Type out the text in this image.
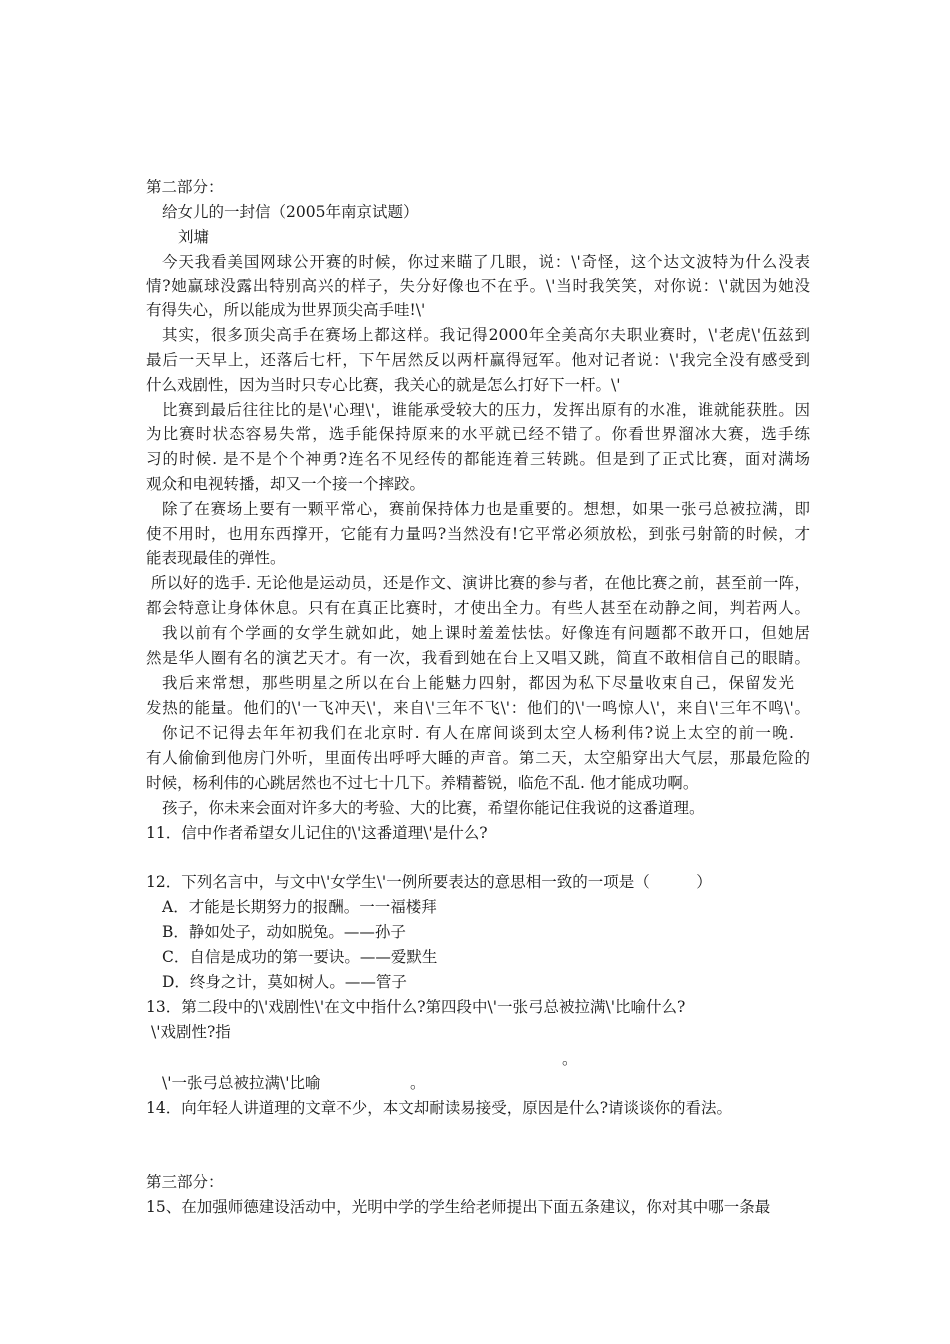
第二部分：
给女儿的一封信（2005年南京试题）
刘墉
今天我看美国网球公开赛的时候，你过来瞄了几眼，说：\'奇怪，这个达文波特为什么没表
情?她赢球没露出特别高兴的样子，失分好像也不在乎。\'当时我笑笑，对你说：\'就因为她没
有得失心，所以能成为世界顶尖高手哇!\'
其实，很多顶尖高手在赛场上都这样。我记得2000年全美高尔夫职业赛时，\'老虎\'伍兹到
最后一天早上，还落后七杆，下午居然反以两杆赢得冠军。他对记者说：\'我完全没有感受到
什么戏剧性，因为当时只专心比赛，我关心的就是怎么打好下一杆。\'
比赛到最后往往比的是\'心理\'，谁能承受较大的压力，发挥出原有的水准，谁就能获胜。因
为比赛时状态容易失常，选手能保持原来的水平就已经不错了。你看世界溜冰大赛，选手练
习的时候. 是不是个个神勇?连名不见经传的都能连着三转跳。但是到了正式比赛，面对满场
观众和电视转播，却又一个接一个摔跤。
除了在赛场上要有一颗平常心，赛前保持体力也是重要的。想想，如果一张弓总被拉满，即
使不用时，也用东西撑开，它能有力量吗?当然没有!它平常必须放松，到张弓射箭的时候，才
能表现最佳的弹性。
所以好的选手. 无论他是运动员，还是作文、演讲比赛的参与者，在他比赛之前，甚至前一阵，
都会特意让身体休息。只有在真正比赛时，才使出全力。有些人甚至在动静之间，判若两人。
我以前有个学画的女学生就如此，她上课时羞羞怯怯。好像连有问题都不敢开口，但她居
然是华人圈有名的演艺天才。有一次，我看到她在台上又唱又跳，简直不敢相信自己的眼睛。
我后来常想，那些明星之所以在台上能魅力四射，都因为私下尽量收束自己，保留发光
发热的能量。他们的\'一飞冲天\'，来自\'三年不飞\'：他们的\'一鸣惊人\'，来自\'三年不鸣\'。
你记不记得去年年初我们在北京时. 有人在席间谈到太空人杨利伟?说上太空的前一晚.
有人偷偷到他房门外听，里面传出呼呼大睡的声音。第二天，太空船穿出大气层，那最危险的
时候，杨利伟的心跳居然也不过七十几下。养精蓄锐，临危不乱. 他才能成功啊。
孩子，你未来会面对许多大的考验、大的比赛，希望你能记住我说的这番道理。
11．信中作者希望女儿记住的\'这番道理\'是什么?
12．下列名言中，与文中\'女学生\'一例所要表达的意思相一致的一项是（　　　）
A．才能是长期努力的报酬。一一福楼拜
B．静如处子，动如脱兔。——孙子
C．自信是成功的第一要诀。——爱默生
D．终身之计，莫如树人。——管子
13．第二段中的\'戏剧性\'在文中指什么?第四段中\'一张弓总被拉满\'比喻什么?
\'戏剧性?指
。
\'一张弓总被拉满\'比喻	。
14．向年轻人讲道理的文章不少，本文却耐读易接受，原因是什么?请谈谈你的看法。
第三部分：
15、在加强师德建设活动中，光明中学的学生给老师提出下面五条建议，你对其中哪一条最
